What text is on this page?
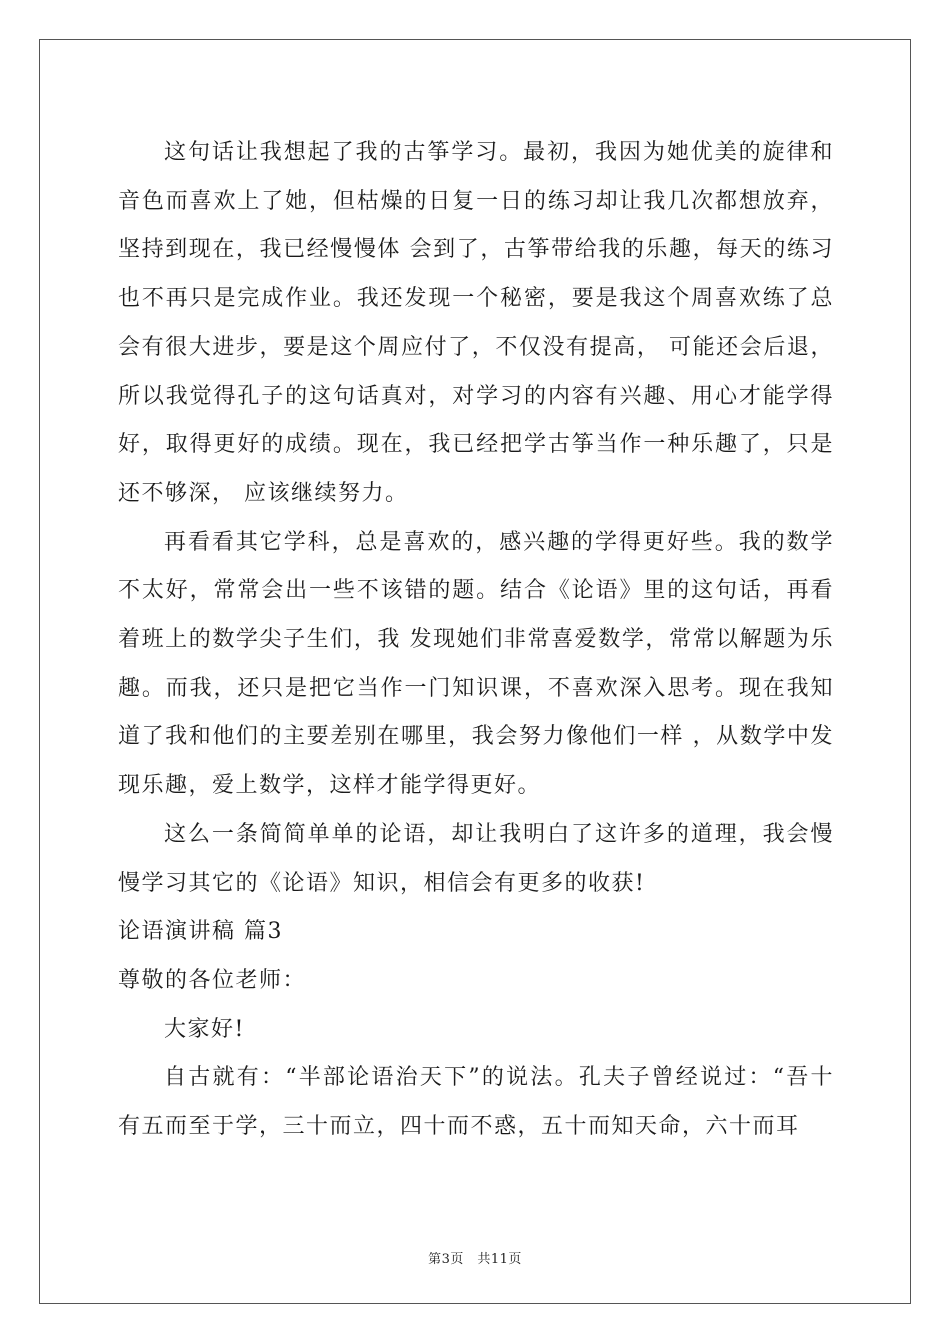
这句话让我想起了我的古筝学习。最初，我因为她优美的旋律和音色而喜欢上了她，但枯燥的日复一日的练习却让我几次都想放弃，坚持到现在，我已经慢慢体 会到了，古筝带给我的乐趣，每天的练习也不再只是完成作业。我还发现一个秘密，要是我这个周喜欢练了总会有很大进步，要是这个周应付了，不仅没有提高， 可能还会后退，所以我觉得孔子的这句话真对，对学习的内容有兴趣、用心才能学得好，取得更好的成绩。现在，我已经把学古筝当作一种乐趣了，只是还不够深， 应该继续努力。

再看看其它学科，总是喜欢的，感兴趣的学得更好些。我的数学不太好，常常会出一些不该错的题。结合《论语》里的这句话，再看着班上的数学尖子生们，我 发现她们非常喜爱数学，常常以解题为乐趣。而我，还只是把它当作一门知识课，不喜欢深入思考。现在我知道了我和他们的主要差别在哪里，我会努力像他们一样 ，从数学中发现乐趣，爱上数学，这样才能学得更好。

这么一条简简单单的论语，却让我明白了这许多的道理，我会慢慢学习其它的《论语》知识，相信会有更多的收获!

论语演讲稿 篇3

尊敬的各位老师：

大家好!

自古就有：“半部论语治天下”的说法。孔夫子曾经说过：“吾十有五而至于学，三十而立，四十而不惑，五十而知天命，六十而耳

第3页　共11页
